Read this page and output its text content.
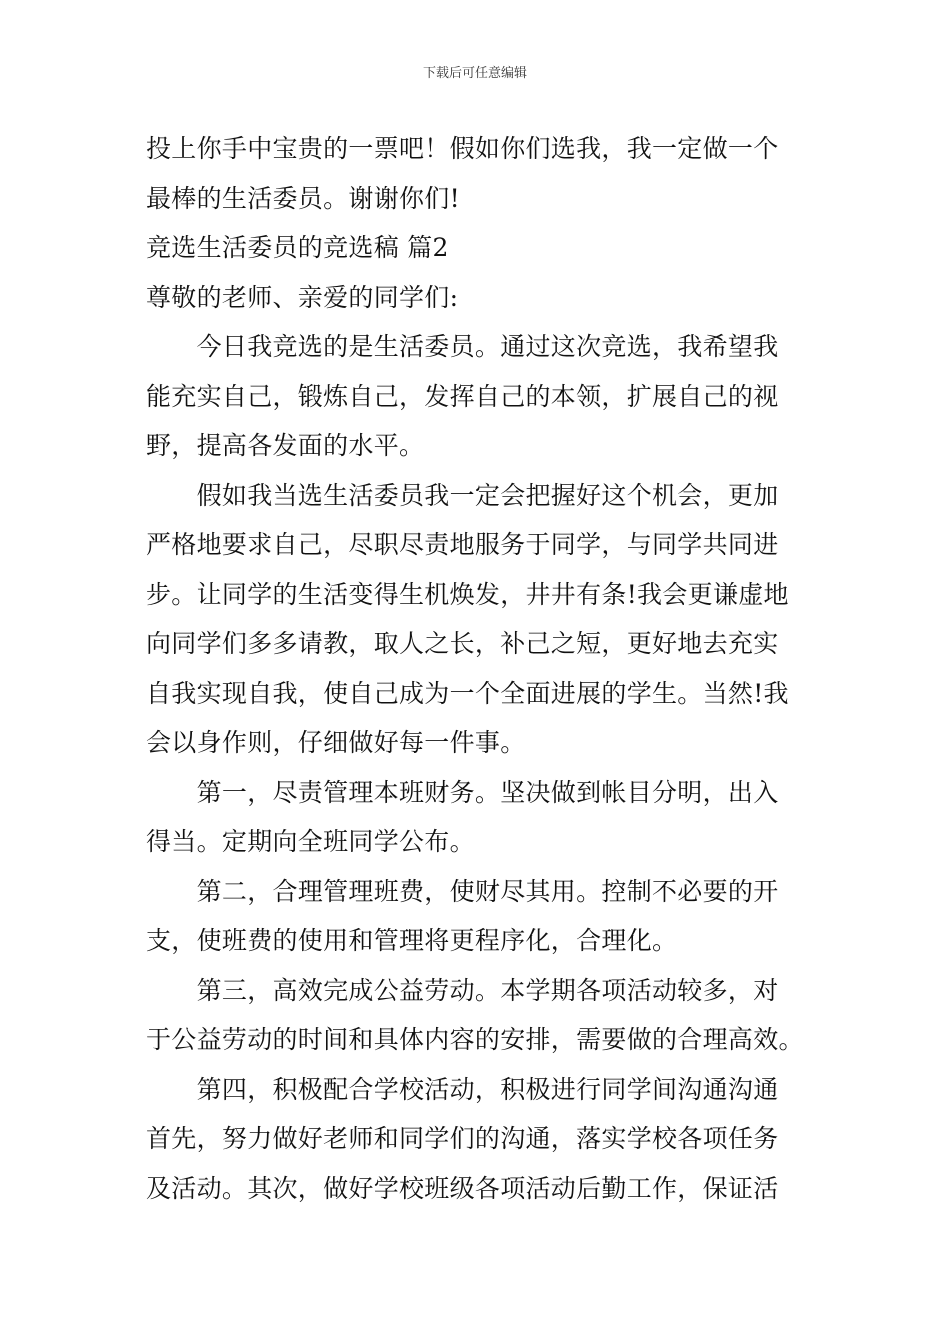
下载后可任意编辑
投上你手中宝贵的一票吧！假如你们选我，我一定做一个
最棒的生活委员。谢谢你们!
竞选生活委员的竞选稿 篇2
尊敬的老师、亲爱的同学们:
　　今日我竞选的是生活委员。通过这次竞选，我希望我
能充实自己，锻炼自己，发挥自己的本领，扩展自己的视
野，提高各发面的水平。
　　假如我当选生活委员我一定会把握好这个机会，更加
严格地要求自己，尽职尽责地服务于同学，与同学共同进
步。让同学的生活变得生机焕发，井井有条!我会更谦虚地
向同学们多多请教，取人之长，补己之短，更好地去充实
自我实现自我，使自己成为一个全面进展的学生。当然!我
会以身作则，仔细做好每一件事。
　　第一，尽责管理本班财务。坚决做到帐目分明，出入
得当。定期向全班同学公布。
　　第二，合理管理班费，使财尽其用。控制不必要的开
支，使班费的使用和管理将更程序化，合理化。
　　第三，高效完成公益劳动。本学期各项活动较多，对
于公益劳动的时间和具体内容的安排，需要做的合理高效。
　　第四，积极配合学校活动，积极进行同学间沟通沟通
首先，努力做好老师和同学们的沟通，落实学校各项任务
及活动。其次，做好学校班级各项活动后勤工作，保证活
